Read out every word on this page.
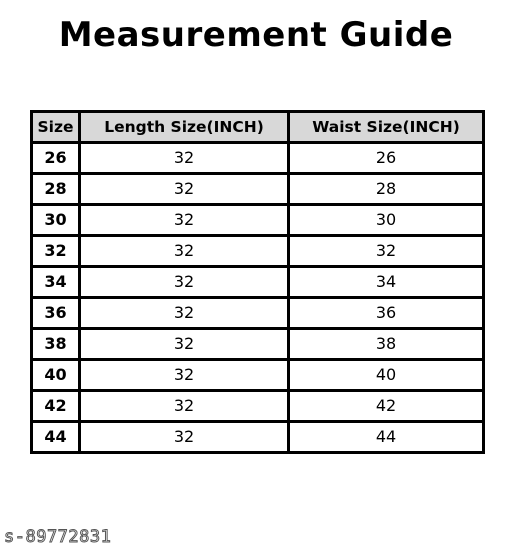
Measurement Guide
Size	Length Size(INCH)	Waist Size(INCH)
26	32	26
28	32	28
30	32	30
32	32	32
34	32	34
36	32	36
38	32	38
40	32	40
42	32	42
44	32	44
s-89772831
